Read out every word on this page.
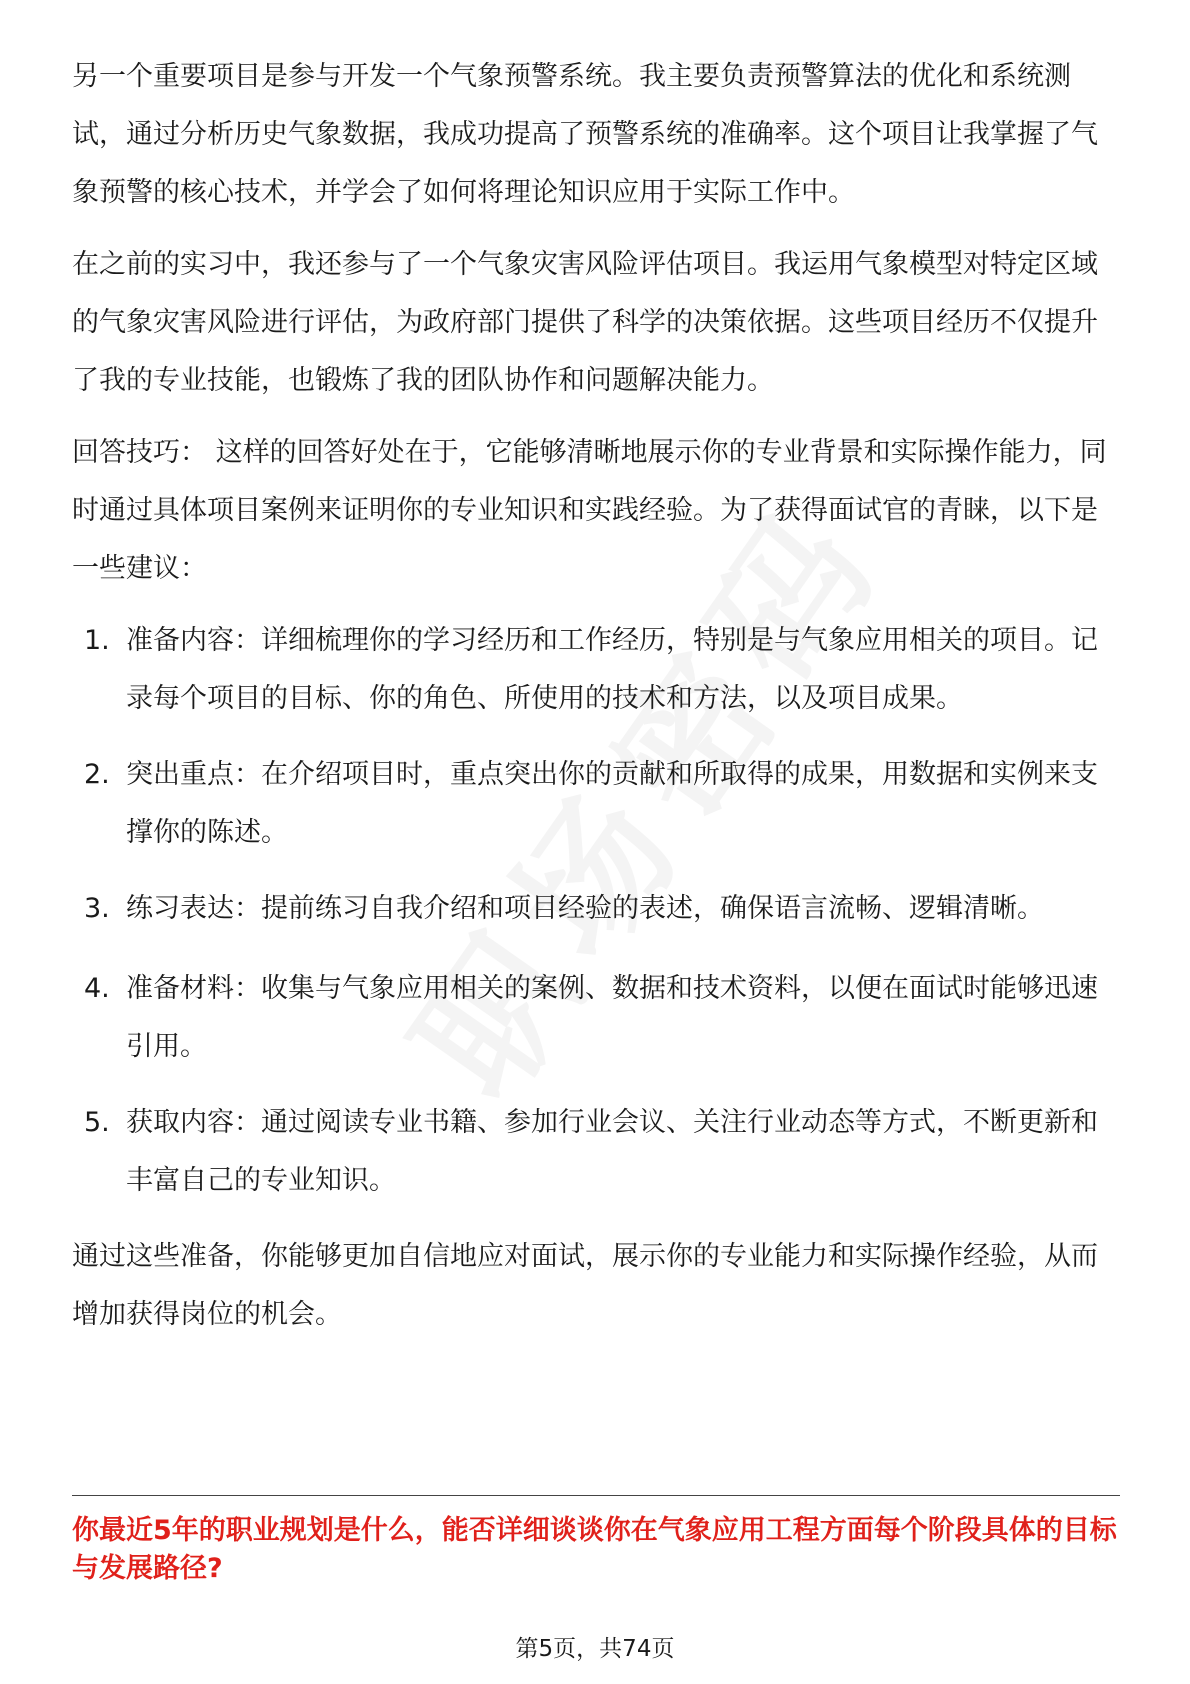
另一个重要项目是参与开发一个气象预警系统。我主要负责预警算法的优化和系统测试，通过分析历史气象数据，我成功提高了预警系统的准确率。这个项目让我掌握了气象预警的核心技术，并学会了如何将理论知识应用于实际工作中。

在之前的实习中，我还参与了一个气象灾害风险评估项目。我运用气象模型对特定区域的气象灾害风险进行评估，为政府部门提供了科学的决策依据。这些项目经历不仅提升了我的专业技能，也锻炼了我的团队协作和问题解决能力。

回答技巧： 这样的回答好处在于，它能够清晰地展示你的专业背景和实际操作能力，同时通过具体项目案例来证明你的专业知识和实践经验。为了获得面试官的青睐，以下是一些建议：

1. 准备内容：详细梳理你的学习经历和工作经历，特别是与气象应用相关的项目。记录每个项目的目标、你的角色、所使用的技术和方法，以及项目成果。
2. 突出重点：在介绍项目时，重点突出你的贡献和所取得的成果，用数据和实例来支撑你的陈述。
3. 练习表达：提前练习自我介绍和项目经验的表述，确保语言流畅、逻辑清晰。
4. 准备材料：收集与气象应用相关的案例、数据和技术资料，以便在面试时能够迅速引用。
5. 获取内容：通过阅读专业书籍、参加行业会议、关注行业动态等方式，不断更新和丰富自己的专业知识。

通过这些准备，你能够更加自信地应对面试，展示你的专业能力和实际操作经验，从而增加获得岗位的机会。

你最近5年的职业规划是什么，能否详细谈谈你在气象应用工程方面每个阶段具体的目标与发展路径?
第5页，共74页
